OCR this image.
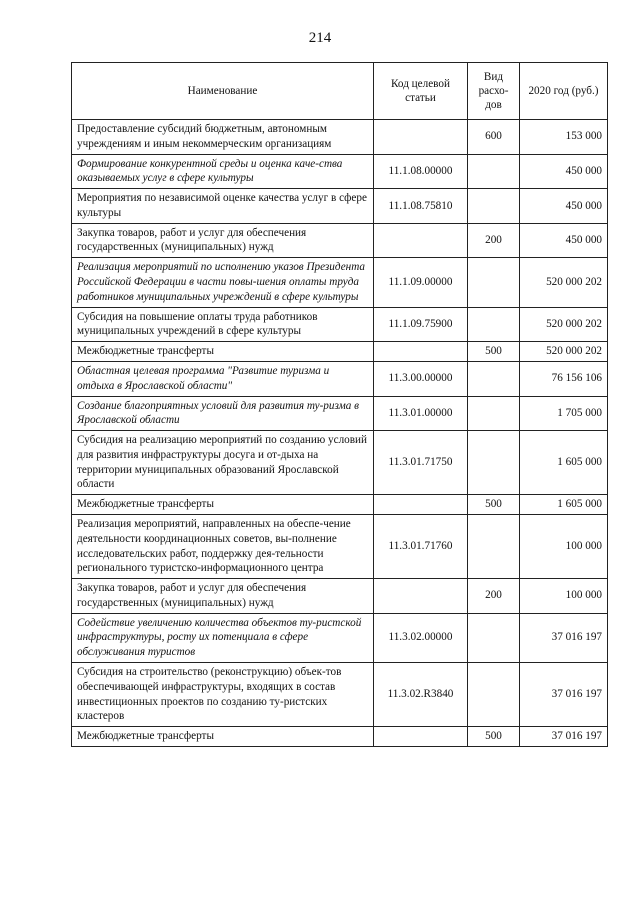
214
Наименование	Код целевой статьи	Вид расхо-дов	2020 год (руб.)
Предоставление субсидий бюджетным, автономным учреждениям и иным некоммерческим организациям		600	153 000
Формирование конкурентной среды и оценка каче-ства оказываемых услуг в сфере культуры	11.1.08.00000		450 000
Мероприятия по независимой оценке качества услуг в сфере культуры	11.1.08.75810		450 000
Закупка товаров, работ и услуг для обеспечения государственных (муниципальных) нужд		200	450 000
Реализация мероприятий по исполнению указов Президента Российской Федерации в части повы-шения оплаты труда работников муниципальных учреждений в сфере культуры	11.1.09.00000		520 000 202
Субсидия на повышение оплаты труда работников муниципальных учреждений в сфере культуры	11.1.09.75900		520 000 202
Межбюджетные трансферты		500	520 000 202
Областная целевая программа "Развитие туризма и отдыха в Ярославской области"	11.3.00.00000		76 156 106
Создание благоприятных условий для развития ту-ризма в Ярославской области	11.3.01.00000		1 705 000
Субсидия на реализацию мероприятий по созданию условий для развития инфраструктуры досуга и от-дыха на территории муниципальных образований Ярославской области	11.3.01.71750		1 605 000
Межбюджетные трансферты		500	1 605 000
Реализация мероприятий, направленных на обеспе-чение деятельности координационных советов, вы-полнение исследовательских работ, поддержку дея-тельности регионального туристско-информационного центра	11.3.01.71760		100 000
Закупка товаров, работ и услуг для обеспечения государственных (муниципальных) нужд		200	100 000
Содействие увеличению количества объектов ту-ристской инфраструктуры, росту их потенциала в сфере обслуживания туристов	11.3.02.00000		37 016 197
Субсидия на строительство (реконструкцию) объек-тов обеспечивающей инфраструктуры, входящих в состав инвестиционных проектов по созданию ту-ристских кластеров	11.3.02.R3840		37 016 197
Межбюджетные трансферты		500	37 016 197
